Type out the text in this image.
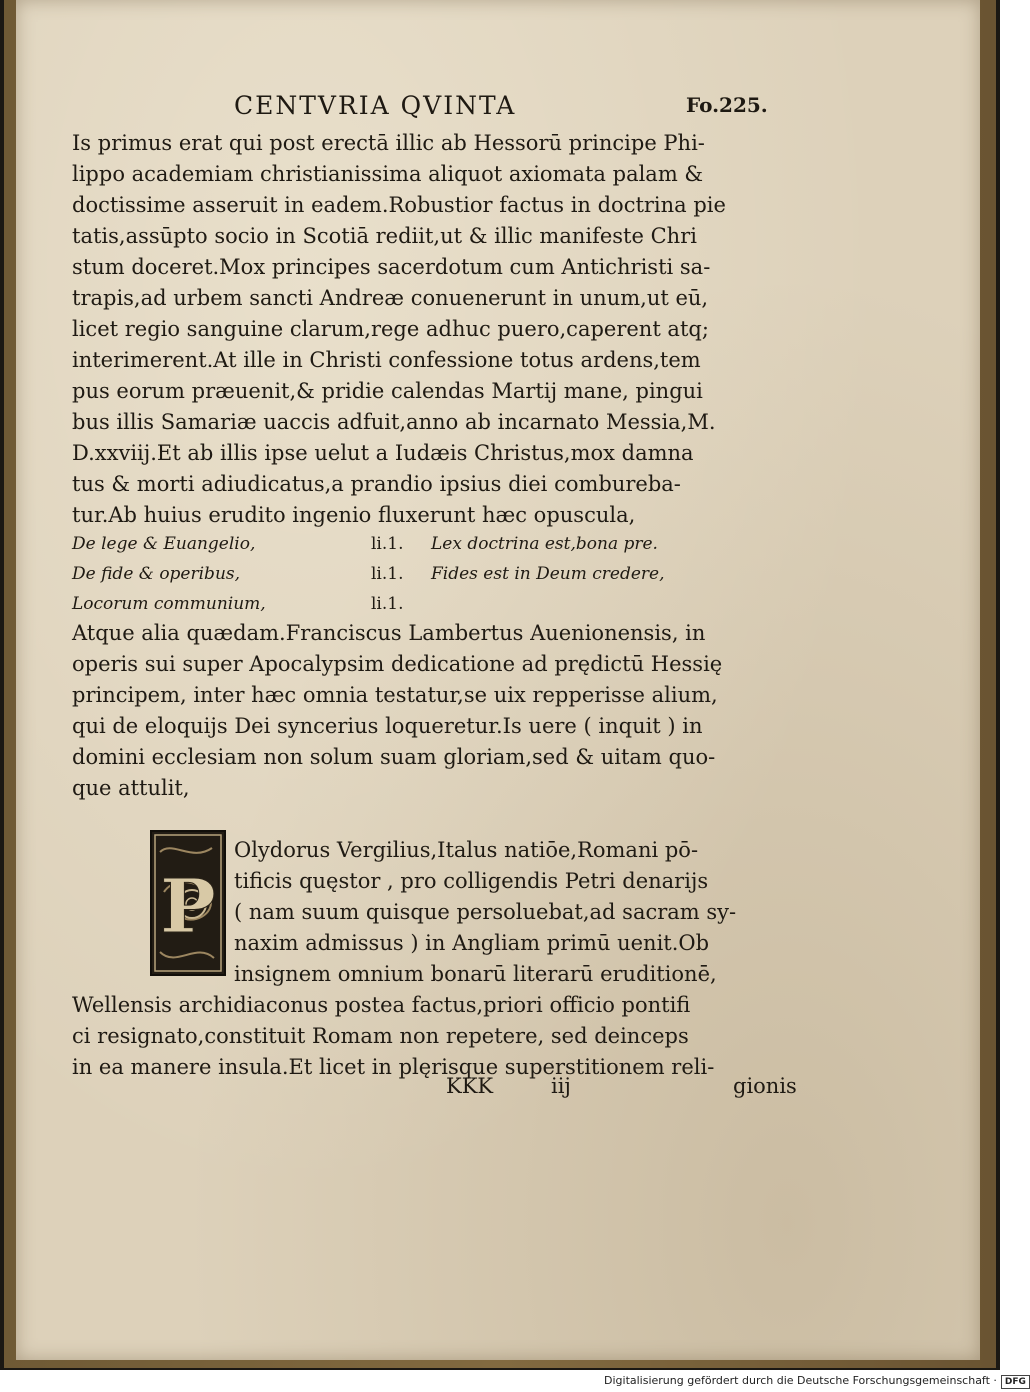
CENTVRIA QVINTA	Fo.225.
Is primus erat qui post erectā illic ab Hessorū principe Phi-
lippo academiam christianissima aliquot axiomata palam &
doctissime asseruit in eadem.Robustior factus in doctrina pie
tatis,assūpto socio in Scotiā rediit,ut & illic manifeste Chri
stum doceret.Mox principes sacerdotum cum Antichristi sa-
trapis,ad urbem sancti Andreæ conuenerunt in unum,ut eū,
licet regio sanguine clarum,rege adhuc puero,caperent atq;
interimerent.At ille in Christi confessione totus ardens,tem
pus eorum præuenit,& pridie calendas Martij mane, pingui
bus illis Samariæ uaccis adfuit,anno ab incarnato Messia,M.
D.xxviij.Et ab illis ipse uelut a Iudæis Christus,mox damna
tus & morti adiudicatus,a prandio ipsius diei combureba-
tur.Ab huius erudito ingenio fluxerunt hæc opuscula,
De lege & Euangelio,	li.1. Lex doctrina est,bona pre.
De fide & operibus,	li.1. Fides est in Deum credere,
Locorum communium,	li.1.
Atque alia quædam.Franciscus Lambertus Auenionensis, in
operis sui super Apocalypsim dedicatione ad prędictū Hessię
principem, inter hæc omnia testatur,se uix repperisse alium,
qui de eloquijs Dei syncerius loqueretur.Is uere ( inquit ) in
domini ecclesiam non solum suam gloriam,sed & uitam quo-
que attulit,
Olydorus Vergilius,Italus natiōe,Romani pō-
tificis quęstor , pro colligendis Petri denarijs
( nam suum quisque persoluebat,ad sacram sy-
naxim admissus ) in Angliam primū uenit.Ob
insignem omnium bonarū literarū eruditionē,
Wellensis archidiaconus postea factus,priori officio pontifi
ci resignato,constituit Romam non repetere, sed deinceps
in ea manere insula.Et licet in plęrisque superstitionem reli-
P
KKK	iij	gionis
Digitalisierung gefördert durch die Deutsche Forschungsgemeinschaft · DFG
